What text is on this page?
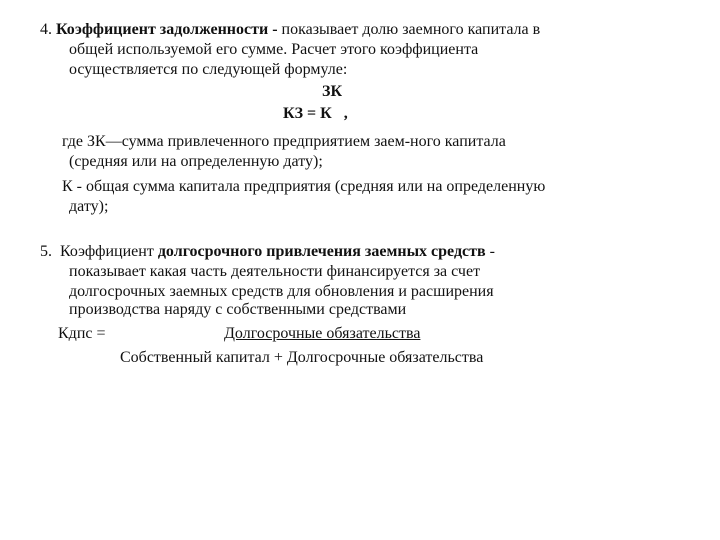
4. Коэффициент задолженности - показывает долю заемного капитала в
общей используемой его сумме. Расчет этого коэффициента
осуществляется по следующей формуле:
ЗК
КЗ = К ,
где ЗК—сумма привлеченного предприятием заем-ного капитала
(средняя или на определенную дату);
К - общая сумма капитала предприятия (средняя или на определенную
дату);
5. Коэффициент долгосрочного привлечения заемных средств -
показывает какая часть деятельности финансируется за счет
долгосрочных заемных средств для обновления и расширения
производства наряду с собственными средствами
Кдпс =	Долгосрочные обязательства
Собственный капитал + Долгосрочные обязательства
